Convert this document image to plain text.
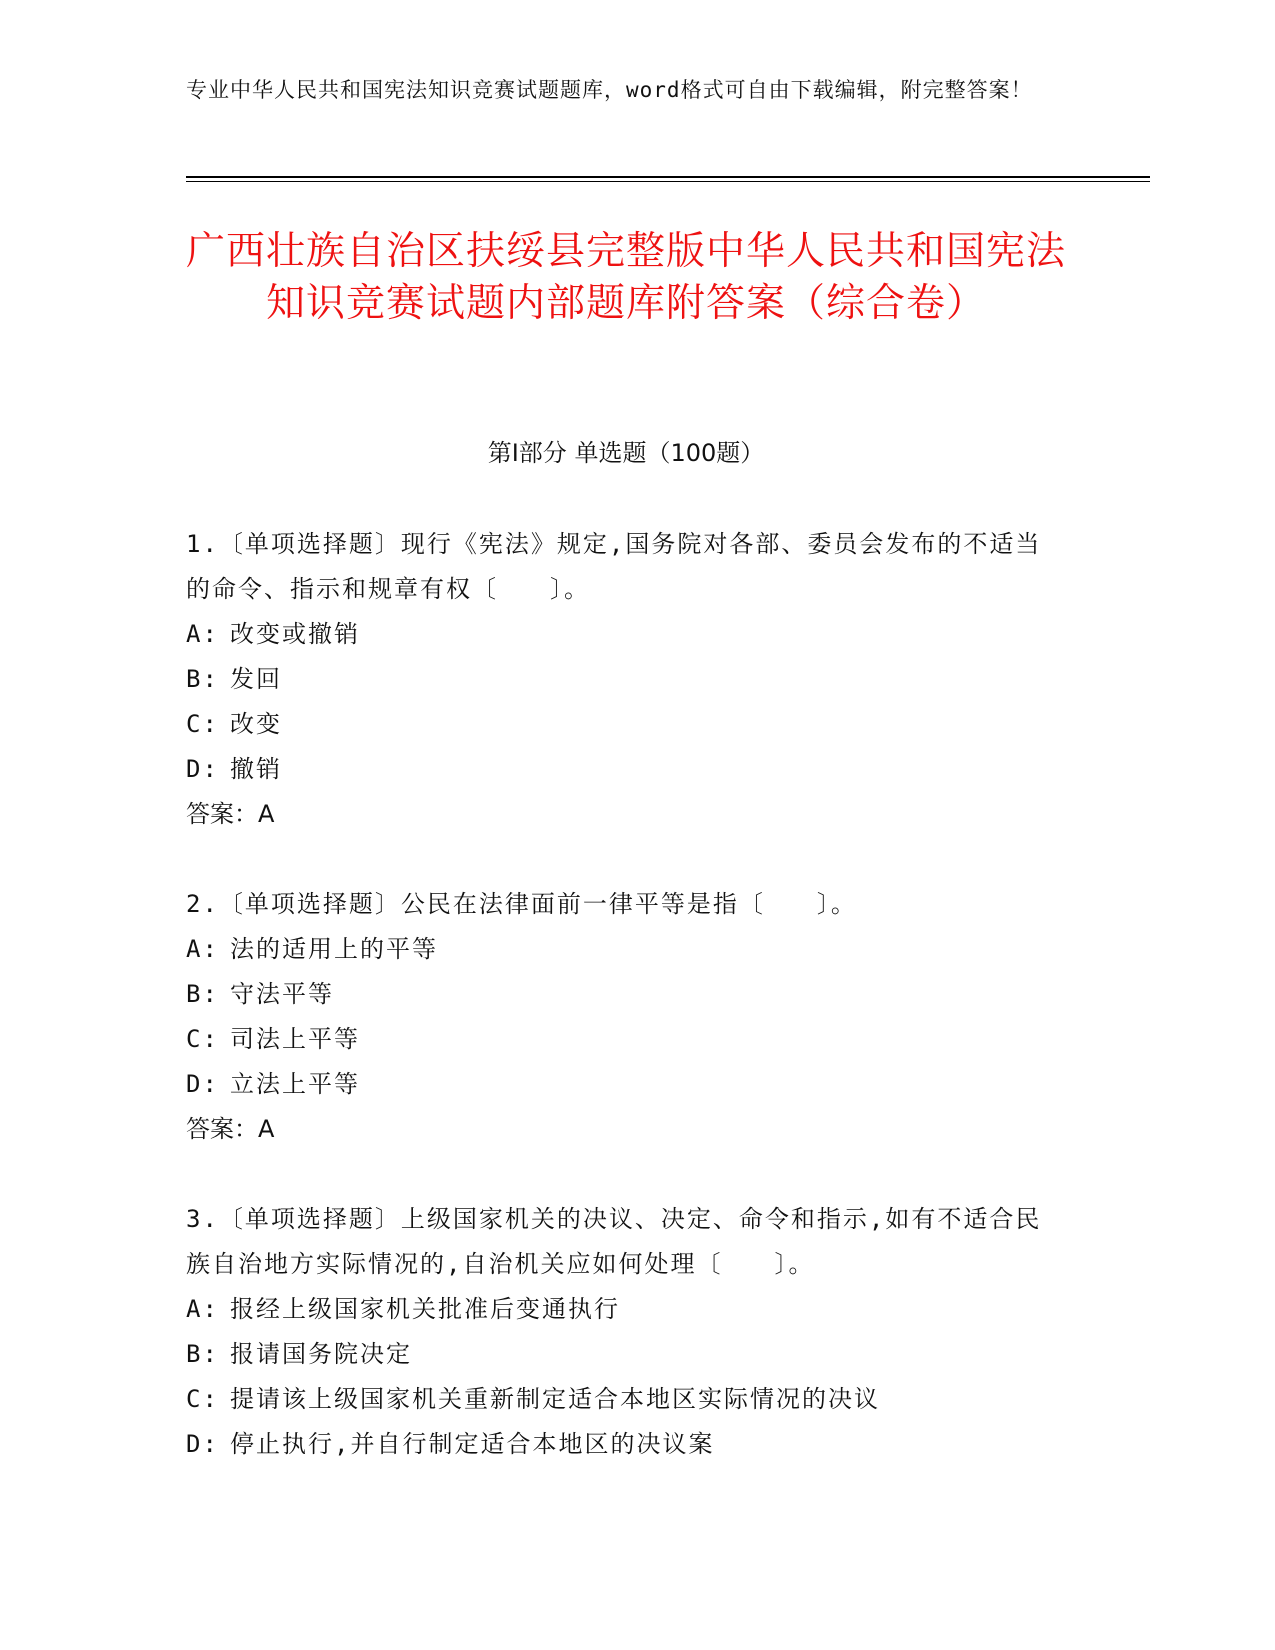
专业中华人民共和国宪法知识竞赛试题题库，word格式可自由下载编辑，附完整答案！
广西壮族自治区扶绥县完整版中华人民共和国宪法知识竞赛试题内部题库附答案（综合卷）
第I部分 单选题（100题）
1.〔单项选择题〕现行《宪法》规定,国务院对各部、委员会发布的不适当的命令、指示和规章有权〔　　〕。
A: 改变或撤销
B: 发回
C: 改变
D: 撤销
答案：A
2.〔单项选择题〕公民在法律面前一律平等是指〔　　〕。
A: 法的适用上的平等
B: 守法平等
C: 司法上平等
D: 立法上平等
答案：A
3.〔单项选择题〕上级国家机关的决议、决定、命令和指示,如有不适合民族自治地方实际情况的,自治机关应如何处理〔　　〕。
A: 报经上级国家机关批准后变通执行
B: 报请国务院决定
C: 提请该上级国家机关重新制定适合本地区实际情况的决议
D: 停止执行,并自行制定适合本地区的决议案
